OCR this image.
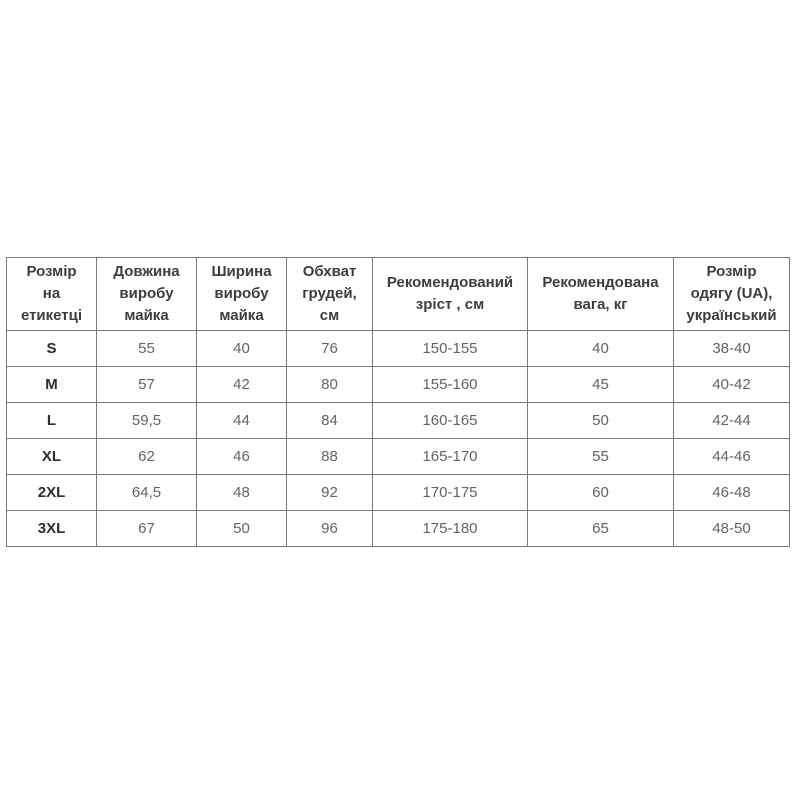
Розмір на етикетці	Довжина виробу майка	Ширина виробу майка	Обхват грудей, см	Рекомендований зріст , см	Рекомендована вага, кг	Розмір одягу (UA), український
S	55	40	76	150-155	40	38-40
M	57	42	80	155-160	45	40-42
L	59,5	44	84	160-165	50	42-44
XL	62	46	88	165-170	55	44-46
2XL	64,5	48	92	170-175	60	46-48
3XL	67	50	96	175-180	65	48-50
